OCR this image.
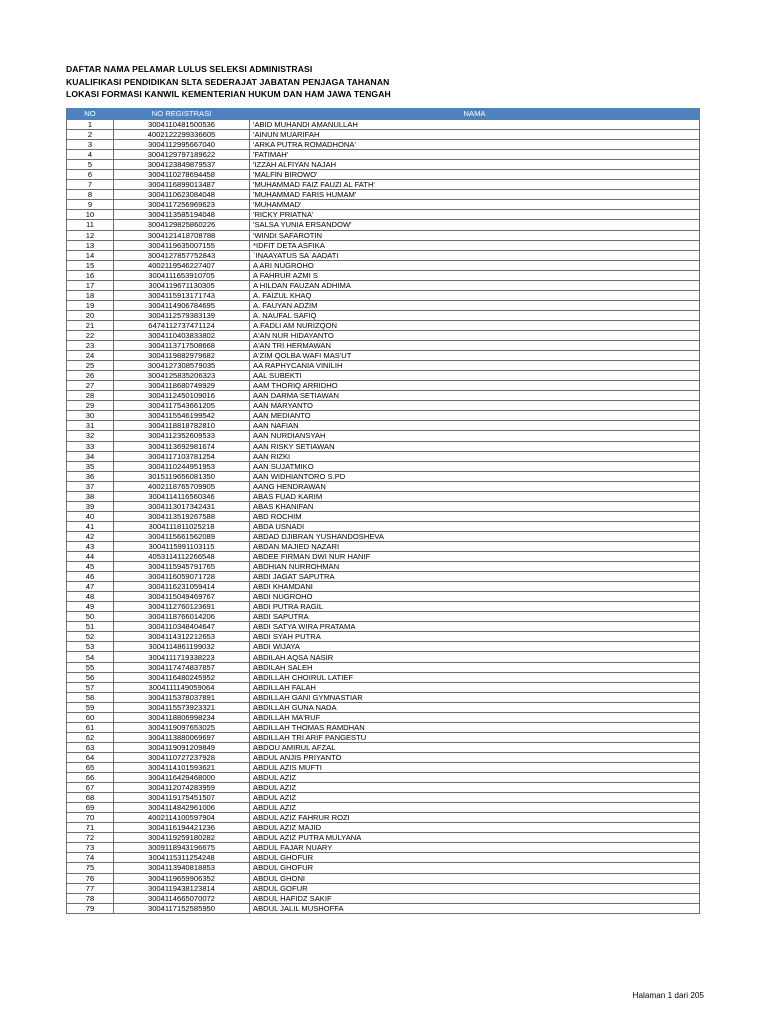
DAFTAR NAMA PELAMAR LULUS SELEKSI ADMINISTRASI
KUALIFIKASI PENDIDIKAN SLTA SEDERAJAT JABATAN PENJAGA TAHANAN
LOKASI FORMASI KANWIL KEMENTERIAN HUKUM DAN HAM JAWA TENGAH
NO	NO REGISTRASI	NAMA
1	3004110481500536	'ABID MUHANDI AMANULLAH
2	4002122299336605	'AINUN MUARIFAH
3	3004112995667040	'ARKA PUTRA ROMADHONA'
4	3004129797189622	'FATIMAH'
5	3004123849879537	'IZZAH ALFIYAN NAJAH
6	3004110278694458	'MALFIN BIROWO'
7	3004116899013487	'MUHAMMAD FAIZ FAUZI AL FATH'
8	3004110623084048	'MUHAMMAD FARIS HUMAM'
9	3004117256969623	'MUHAMMAD'
10	3004113585194048	'RICKY PRIATNA'
11	3004129825860226	'SALSA YUNIA ERSANDOW'
12	3004121418708788	'WINDI SAFAROTIN
13	3004119635007155	*IDFIT DETA ASFIKA
14	3004127857752843	`INAAYATUS SA`AADATI
15	4002119546227407	A ARI NUGROHO
16	3004111653910705	A FAHRUR AZMI S
17	3004119671130305	A HILDAN FAUZAN ADHIMA
18	3004115913171743	A. FAIZUL KHAQ
19	3004114906784695	A. FAUYAN ADZIM
20	3004112579383139	A. NAUFAL SAFIQ
21	6474112737471124	A.FADLI AM NURIZQON
22	3004110403833802	A'AN NUR HIDAYANTO
23	3004113717508668	A'AN TRI HERMAWAN
24	3004119882979682	A'ZIM QOLBA WAFI MAS'UT
25	3004127308579035	AA RAPHYCANIA VINILIH
26	3004125835206323	AAL SUBEKTI
27	3004118680749929	AAM THORIQ ARRIDHO
28	3004112450109016	AAN DARMA SETIAWAN
29	3004117543661205	AAN MARYANTO
30	3004115546199542	AAN MEDIANTO
31	3004118818782810	AAN NAFIAN
32	3004112352609533	AAN NURDIANSYAH
33	3004113692981674	AAN RISKY SETIAWAN
34	3004117103781254	AAN RIZKI
35	3004110244951953	AAN SUJATMIKO
36	3015119656081350	AAN WIDHIANTORO S.PD
37	4002118765709905	AANG HENDRAWAN
38	3004114116560346	ABAS FUAD KARIM
39	3004113017342431	ABAS KHANIFAN
40	3004113519267588	ABD ROCHIM
41	3004111811025218	ABDA USNADI
42	3004115661562089	ABDAD DJIBRAN YUSHANDOSHEVA
43	3004115991103115	ABDAN MAJIED NAZARI
44	4053114112266548	ABDEE FIRMAN DWI NUR HANIF
45	3004115945791765	ABDHIAN NURROHMAN
46	3004116059071728	ABDI JAGAT SAPUTRA
47	3004116231059414	ABDI KHAMDANI
48	3004115049469767	ABDI NUGROHO
49	3004112760123691	ABDI PUTRA RAGIL
50	3004118766014206	ABDI SAPUTRA
51	3004110348404647	ABDI SATYA WIRA PRATAMA
52	3004114312212653	ABDI SYAH PUTRA
53	3004114861199032	ABDI WIJAYA
54	3004111719338223	ABDILAH AQSA NASIR
55	3004117474837857	ABDILAH SALEH
56	3004116480245952	ABDILLAH CHOIRUL LATIEF
57	3004111149059064	ABDILLAH FALAH
58	3004115378037891	ABDILLAH GANI GYMNASTIAR
59	3004115573923321	ABDILLAH GUNA NADA
60	3004118806998234	ABDILLAH MA'RUF
61	3004119097653025	ABDILLAH THOMAS RAMDHAN
62	3004113880069697	ABDILLAH TRI ARIF PANGESTU
63	3004119091209849	ABDOU AMIRUL AFZAL
64	3004110727237928	ABDUL ANJIS PRIYANTO
65	3004114101593621	ABDUL AZIS MUFTI
66	3004116429468000	ABDUL AZIZ
67	3004112074283959	ABDUL AZIZ
68	3004119175451507	ABDUL AZIZ
69	3004114842961006	ABDUL AZIZ
70	4002114100597904	ABDUL AZIZ FAHRUR ROZI
71	3004116194421236	ABDUL AZIZ MAJID
72	3004119259180282	ABDUL AZIZ PUTRA MULYANA
73	3009118943196675	ABDUL FAJAR NUARY
74	3004115311254248	ABDUL GHOFUR
75	3004113940818853	ABDUL GHOFUR
76	3004119659906352	ABDUL GHONI
77	3004119438123814	ABDUL GOFUR
78	3004114665070072	ABDUL HAFIDZ SAKIF
79	3004117152585950	ABDUL JALIL MUSHOFFA
Halaman 1 dari 205
